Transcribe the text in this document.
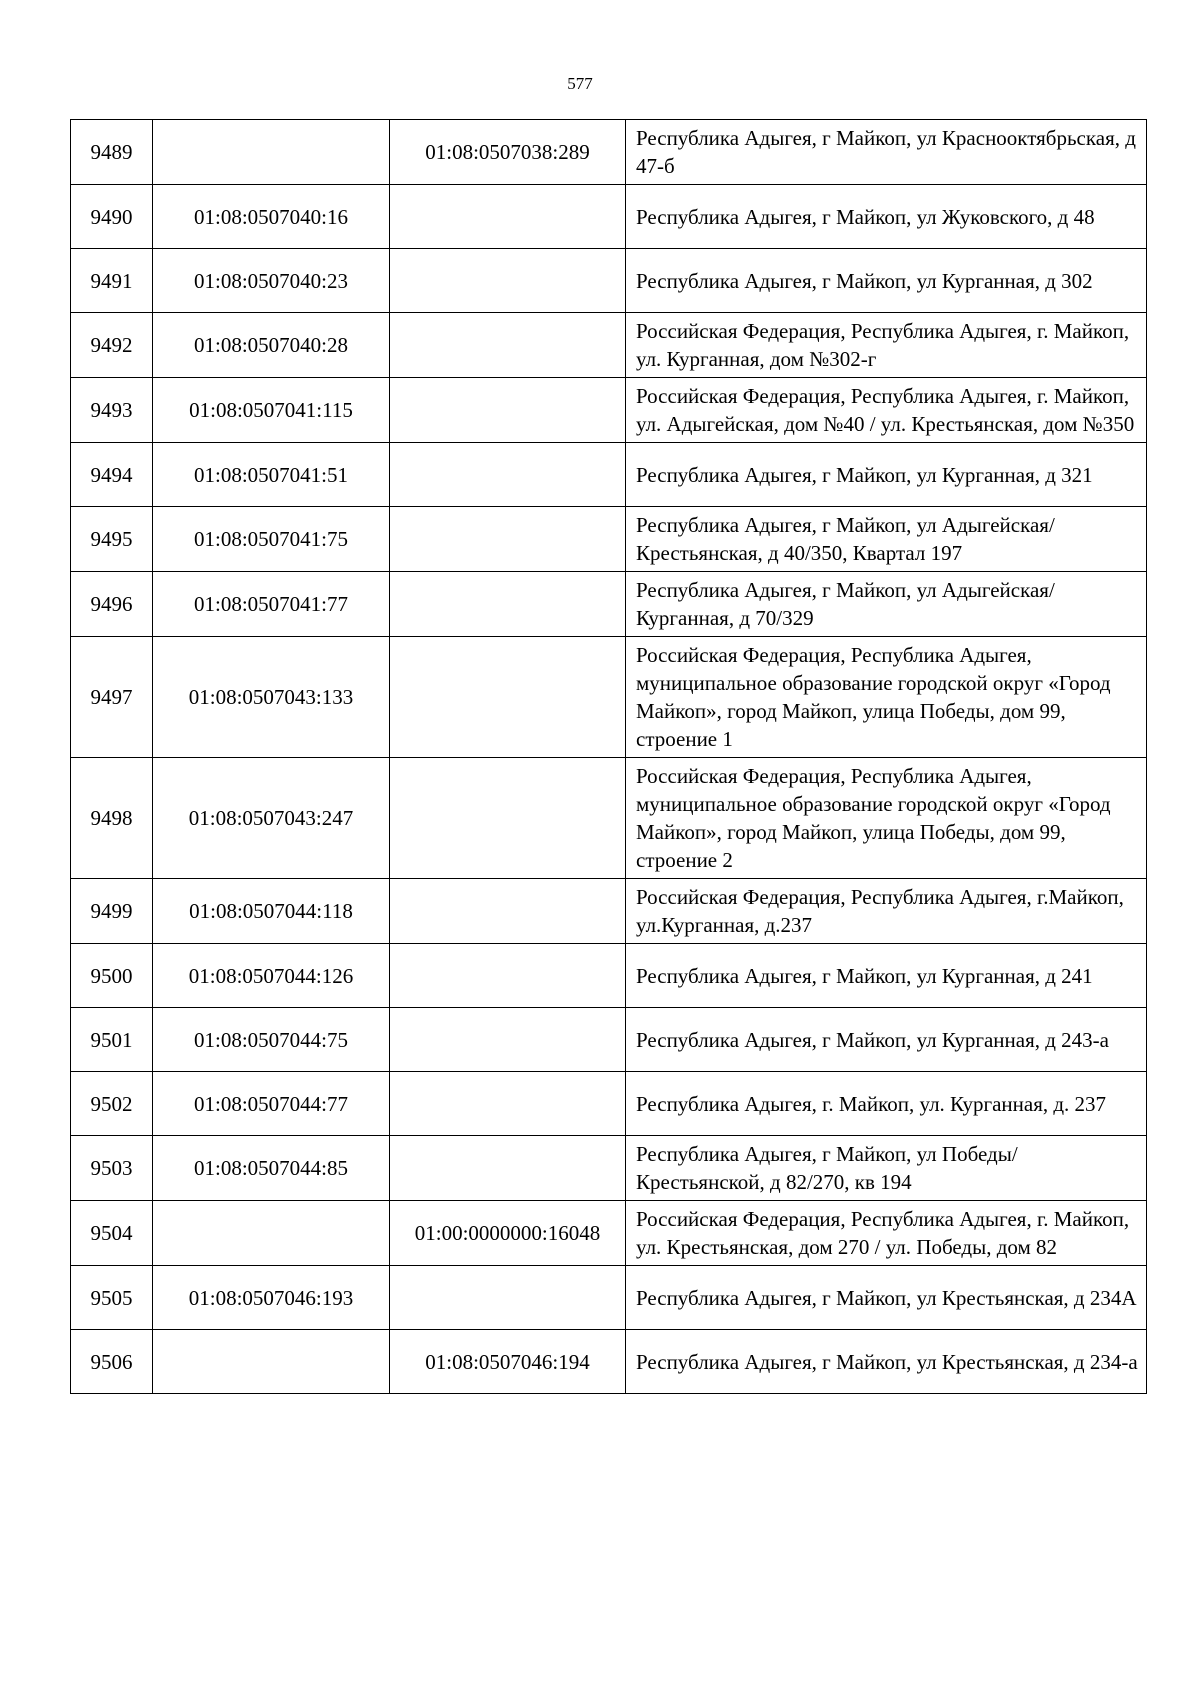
577
9489		01:08:0507038:289	Республика Адыгея, г Майкоп, ул Краснооктябрьская, д 47-б
9490	01:08:0507040:16		Республика Адыгея, г Майкоп, ул Жуковского, д 48
9491	01:08:0507040:23		Республика Адыгея, г Майкоп, ул Курганная, д 302
9492	01:08:0507040:28		Российская Федерация, Республика Адыгея, г. Майкоп, ул. Курганная, дом №302-г
9493	01:08:0507041:115		Российская Федерация, Республика Адыгея, г. Майкоп, ул. Адыгейская, дом №40 / ул. Крестьянская, дом №350
9494	01:08:0507041:51		Республика Адыгея, г Майкоп, ул Курганная, д 321
9495	01:08:0507041:75		Республика Адыгея, г Майкоп, ул Адыгейская/Крестьянская, д 40/350, Квартал 197
9496	01:08:0507041:77		Республика Адыгея, г Майкоп, ул Адыгейская/Курганная, д 70/329
9497	01:08:0507043:133		Российская Федерация, Республика Адыгея, муниципальное образование городской округ «Город Майкоп», город Майкоп, улица Победы, дом 99, строение 1
9498	01:08:0507043:247		Российская Федерация, Республика Адыгея, муниципальное образование городской округ «Город Майкоп», город Майкоп, улица Победы, дом 99, строение 2
9499	01:08:0507044:118		Российская Федерация, Республика Адыгея, г.Майкоп, ул.Курганная, д.237
9500	01:08:0507044:126		Республика Адыгея, г Майкоп, ул Курганная, д 241
9501	01:08:0507044:75		Республика Адыгея, г Майкоп, ул Курганная, д 243-а
9502	01:08:0507044:77		Республика Адыгея, г. Майкоп, ул. Курганная, д. 237
9503	01:08:0507044:85		Республика Адыгея, г Майкоп, ул Победы/Крестьянской, д 82/270, кв 194
9504		01:00:0000000:16048	Российская Федерация, Республика Адыгея, г. Майкоп, ул. Крестьянская, дом 270 / ул. Победы, дом 82
9505	01:08:0507046:193		Республика Адыгея, г Майкоп, ул Крестьянская, д 234А
9506		01:08:0507046:194	Республика Адыгея, г Майкоп, ул Крестьянская, д 234-а
